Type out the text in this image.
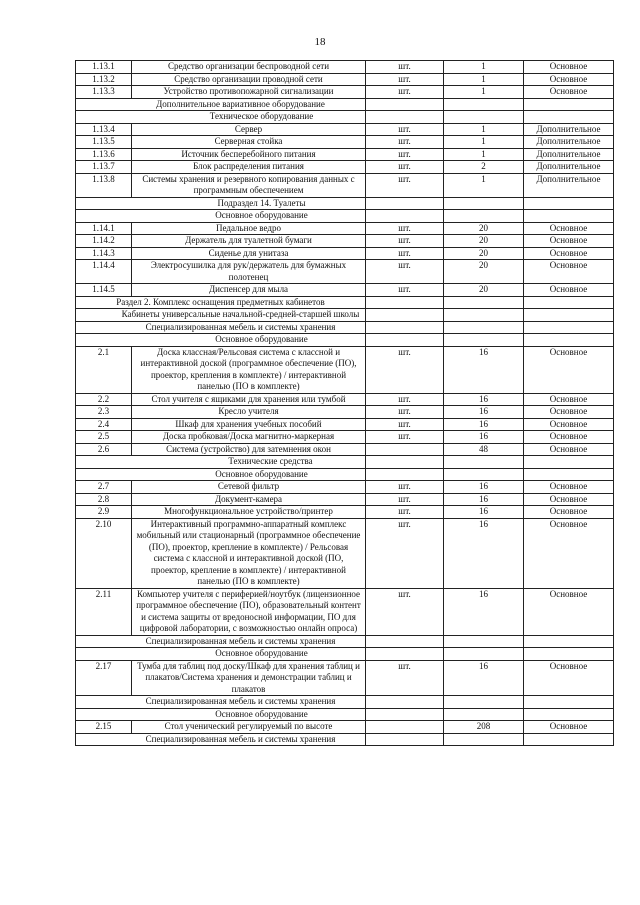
18
1.13.1	Средство организации беспроводной сети	шт.	1	Основное
1.13.2	Средство организации проводной сети	шт.	1	Основное
1.13.3	Устройство противопожарной сигнализации	шт.	1	Основное
Дополнительное вариативное оборудование				
Техническое оборудование				
1.13.4	Сервер	шт.	1	Дополнительное
1.13.5	Серверная стойка	шт.	1	Дополнительное
1.13.6	Источник бесперебойного питания	шт.	1	Дополнительное
1.13.7	Блок распределения питания	шт.	2	Дополнительное
1.13.8	Системы хранения и резервного копирования данных с программным обеспечением	шт.	1	Дополнительное
Подраздел 14. Туалеты				
Основное оборудование				
1.14.1	Педальное ведро	шт.	20	Основное
1.14.2	Держатель для туалетной бумаги	шт.	20	Основное
1.14.3	Сиденье для унитаза	шт.	20	Основное
1.14.4	Электросушилка для рук/держатель для бумажных полотенец	шт.	20	Основное
1.14.5	Диспенсер для мыла	шт.	20	Основное
Раздел 2. Комплекс оснащения предметных кабинетов				
Кабинеты универсальные начальной-средней-старшей школы				
Специализированная мебель и системы хранения				
Основное оборудование				
2.1	Доска классная/Рельсовая система с классной и интерактивной доской (программное обеспечение (ПО), проектор, крепления в комплекте) / интерактивной панелью (ПО в комплекте)	шт.	16	Основное
2.2	Стол учителя с ящиками для хранения или тумбой	шт.	16	Основное
2.3	Кресло учителя	шт.	16	Основное
2.4	Шкаф для хранения учебных пособий	шт.	16	Основное
2.5	Доска пробковая/Доска магнитно-маркерная	шт.	16	Основное
2.6	Система (устройство) для затемнения окон		48	Основное
Технические средства				
Основное оборудование				
2.7	Сетевой фильтр	шт.	16	Основное
2.8	Документ-камера	шт.	16	Основное
2.9	Многофункциональное устройство/принтер	шт.	16	Основное
2.10	Интерактивный программно-аппаратный комплекс мобильный или стационарный (программное обеспечение (ПО), проектор, крепление в комплекте) / Рельсовая система с классной и интерактивной доской (ПО, проектор, крепление в комплекте) / интерактивной панелью (ПО в комплекте)	шт.	16	Основное
2.11	Компьютер учителя с периферией/ноутбук (лицензионное программное обеспечение (ПО), образовательный контент и система защиты от вредоносной информации, ПО для цифровой лаборатории, с возможностью онлайн опроса)	шт.	16	Основное
Специализированная мебель и системы хранения				
Основное оборудование				
2.17	Тумба для таблиц под доску/Шкаф для хранения таблиц и плакатов/Система хранения и демонстрации таблиц и плакатов	шт.	16	Основное
Специализированная мебель и системы хранения				
Основное оборудование				
2.15	Стол ученический регулируемый по высоте		208	Основное
Специализированная мебель и системы хранения				
